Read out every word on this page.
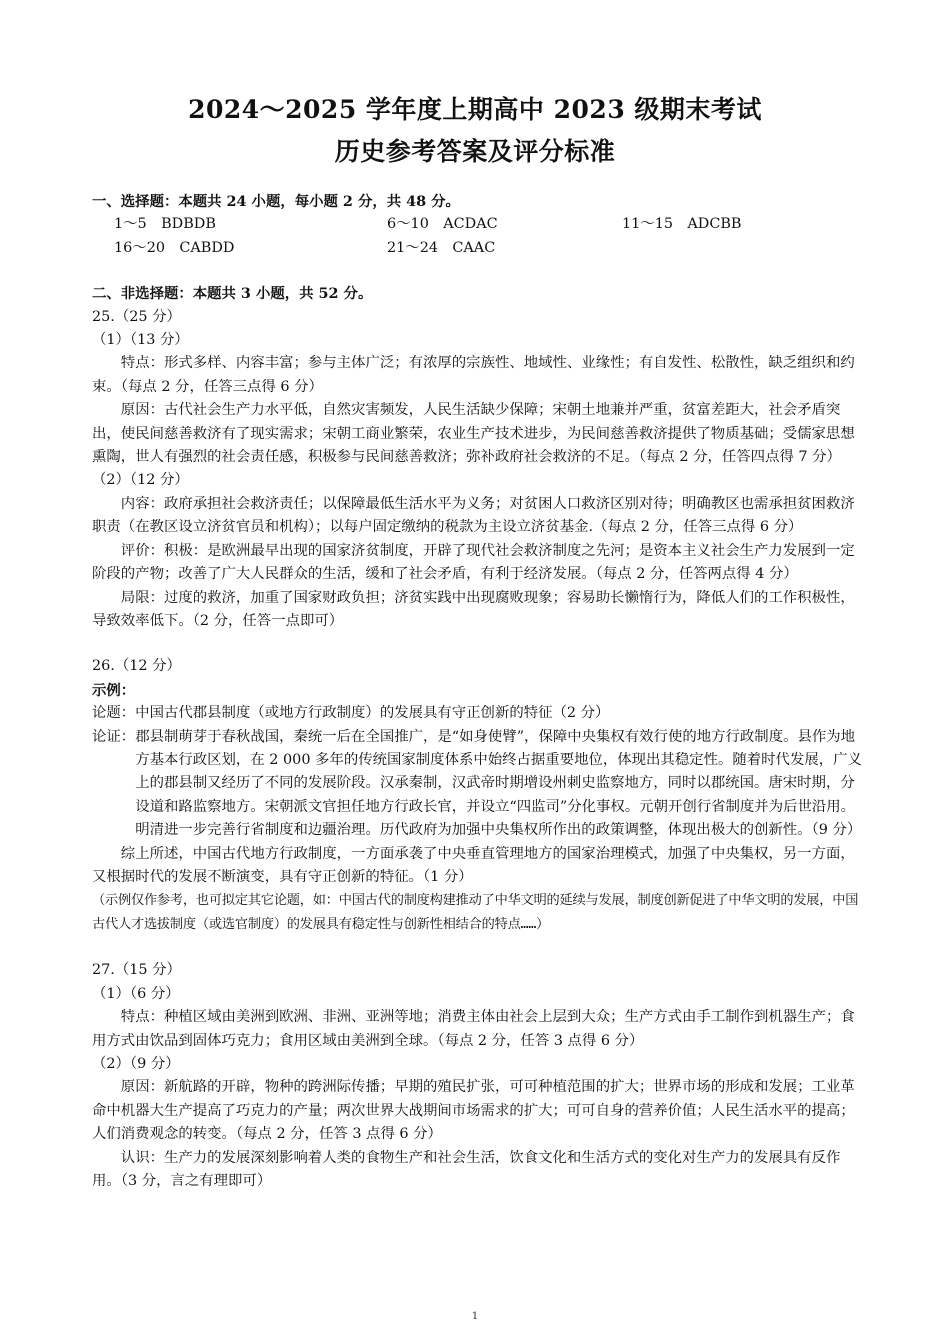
2024～2025 学年度上期高中 2023 级期末考试
历史参考答案及评分标准

一、选择题：本题共 24 小题，每小题 2 分，共 48 分。

1～5　BDBDB	6～10　ACDAC	11～15　ADCBB
16～20　CABDD	21～24　CAAC

二、非选择题：本题共 3 小题，共 52 分。

25.（25 分）

（1）（13 分）

特点：形式多样、内容丰富；参与主体广泛；有浓厚的宗族性、地域性、业缘性；有自发性、松散性，缺乏组织和约束。（每点 2 分，任答三点得 6 分）

原因：古代社会生产力水平低，自然灾害频发，人民生活缺少保障；宋朝土地兼并严重，贫富差距大，社会矛盾突出，使民间慈善救济有了现实需求；宋朝工商业繁荣，农业生产技术进步，为民间慈善救济提供了物质基础；受儒家思想熏陶，世人有强烈的社会责任感，积极参与民间慈善救济；弥补政府社会救济的不足。（每点 2 分，任答四点得 7 分）

（2）（12 分）

内容：政府承担社会救济责任；以保障最低生活水平为义务；对贫困人口救济区别对待；明确教区也需承担贫困救济职责（在教区设立济贫官员和机构）；以每户固定缴纳的税款为主设立济贫基金.（每点 2 分，任答三点得 6 分）

评价：积极：是欧洲最早出现的国家济贫制度，开辟了现代社会救济制度之先河；是资本主义社会生产力发展到一定阶段的产物；改善了广大人民群众的生活，缓和了社会矛盾，有利于经济发展。（每点 2 分，任答两点得 4 分）

局限：过度的救济，加重了国家财政负担；济贫实践中出现腐败现象；容易助长懒惰行为，降低人们的工作积极性，导致效率低下。（2 分，任答一点即可）

26.（12 分）

示例：

论题：中国古代郡县制度（或地方行政制度）的发展具有守正创新的特征（2 分）

论证： 郡县制萌芽于春秋战国，秦统一后在全国推广，是“如身使臂”，保障中央集权有效行使的地方行政制度。县作为地方基本行政区划，在 2 000 多年的传统国家制度体系中始终占据重要地位，体现出其稳定性。随着时代发展，广义上的郡县制又经历了不同的发展阶段。汉承秦制，汉武帝时期增设州刺史监察地方，同时以郡统国。唐宋时期，分设道和路监察地方。宋朝派文官担任地方行政长官，并设立“四监司”分化事权。元朝开创行省制度并为后世沿用。明清进一步完善行省制度和边疆治理。历代政府为加强中央集权所作出的政策调整，体现出极大的创新性。（9 分）

综上所述，中国古代地方行政制度，一方面承袭了中央垂直管理地方的国家治理模式，加强了中央集权，另一方面，又根据时代的发展不断演变，具有守正创新的特征。（1 分）

（示例仅作参考，也可拟定其它论题，如：中国古代的制度构建推动了中华文明的延续与发展，制度创新促进了中华文明的发展，中国古代人才选拔制度（或选官制度）的发展具有稳定性与创新性相结合的特点……）

27.（15 分）

（1）（6 分）

特点：种植区域由美洲到欧洲、非洲、亚洲等地；消费主体由社会上层到大众；生产方式由手工制作到机器生产；食用方式由饮品到固体巧克力；食用区域由美洲到全球。（每点 2 分，任答 3 点得 6 分）

（2）（9 分）

原因：新航路的开辟，物种的跨洲际传播；早期的殖民扩张，可可种植范围的扩大；世界市场的形成和发展；工业革命中机器大生产提高了巧克力的产量；两次世界大战期间市场需求的扩大；可可自身的营养价值；人民生活水平的提高；人们消费观念的转变。（每点 2 分，任答 3 点得 6 分）

认识：生产力的发展深刻影响着人类的食物生产和社会生活，饮食文化和生活方式的变化对生产力的发展具有反作用。（3 分，言之有理即可）

1
